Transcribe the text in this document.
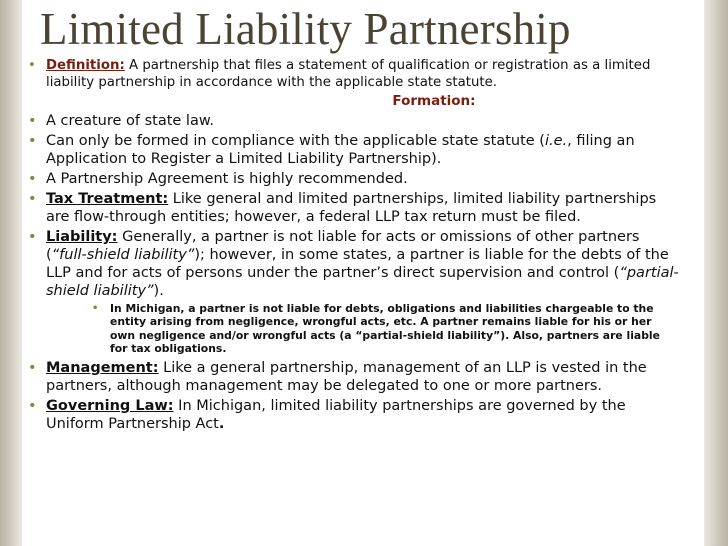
Limited Liability Partnership
• Definition: A partnership that files a statement of qualification or registration as a limited liability partnership in accordance with the applicable state statute.
Formation:
• A creature of state law.
• Can only be formed in compliance with the applicable state statute (i.e., filing an Application to Register a Limited Liability Partnership).
• A Partnership Agreement is highly recommended.
• Tax Treatment: Like general and limited partnerships, limited liability partnerships are flow-through entities; however, a federal LLP tax return must be filed.
• Liability: Generally, a partner is not liable for acts or omissions of other partners (“full-shield liability”); however, in some states, a partner is liable for the debts of the LLP and for acts of persons under the partner’s direct supervision and control (“partial-shield liability”).
• In Michigan, a partner is not liable for debts, obligations and liabilities chargeable to the entity arising from negligence, wrongful acts, etc. A partner remains liable for his or her own negligence and/or wrongful acts (a “partial-shield liability”). Also, partners are liable for tax obligations.
• Management: Like a general partnership, management of an LLP is vested in the partners, although management may be delegated to one or more partners.
• Governing Law: In Michigan, limited liability partnerships are governed by the Uniform Partnership Act.
